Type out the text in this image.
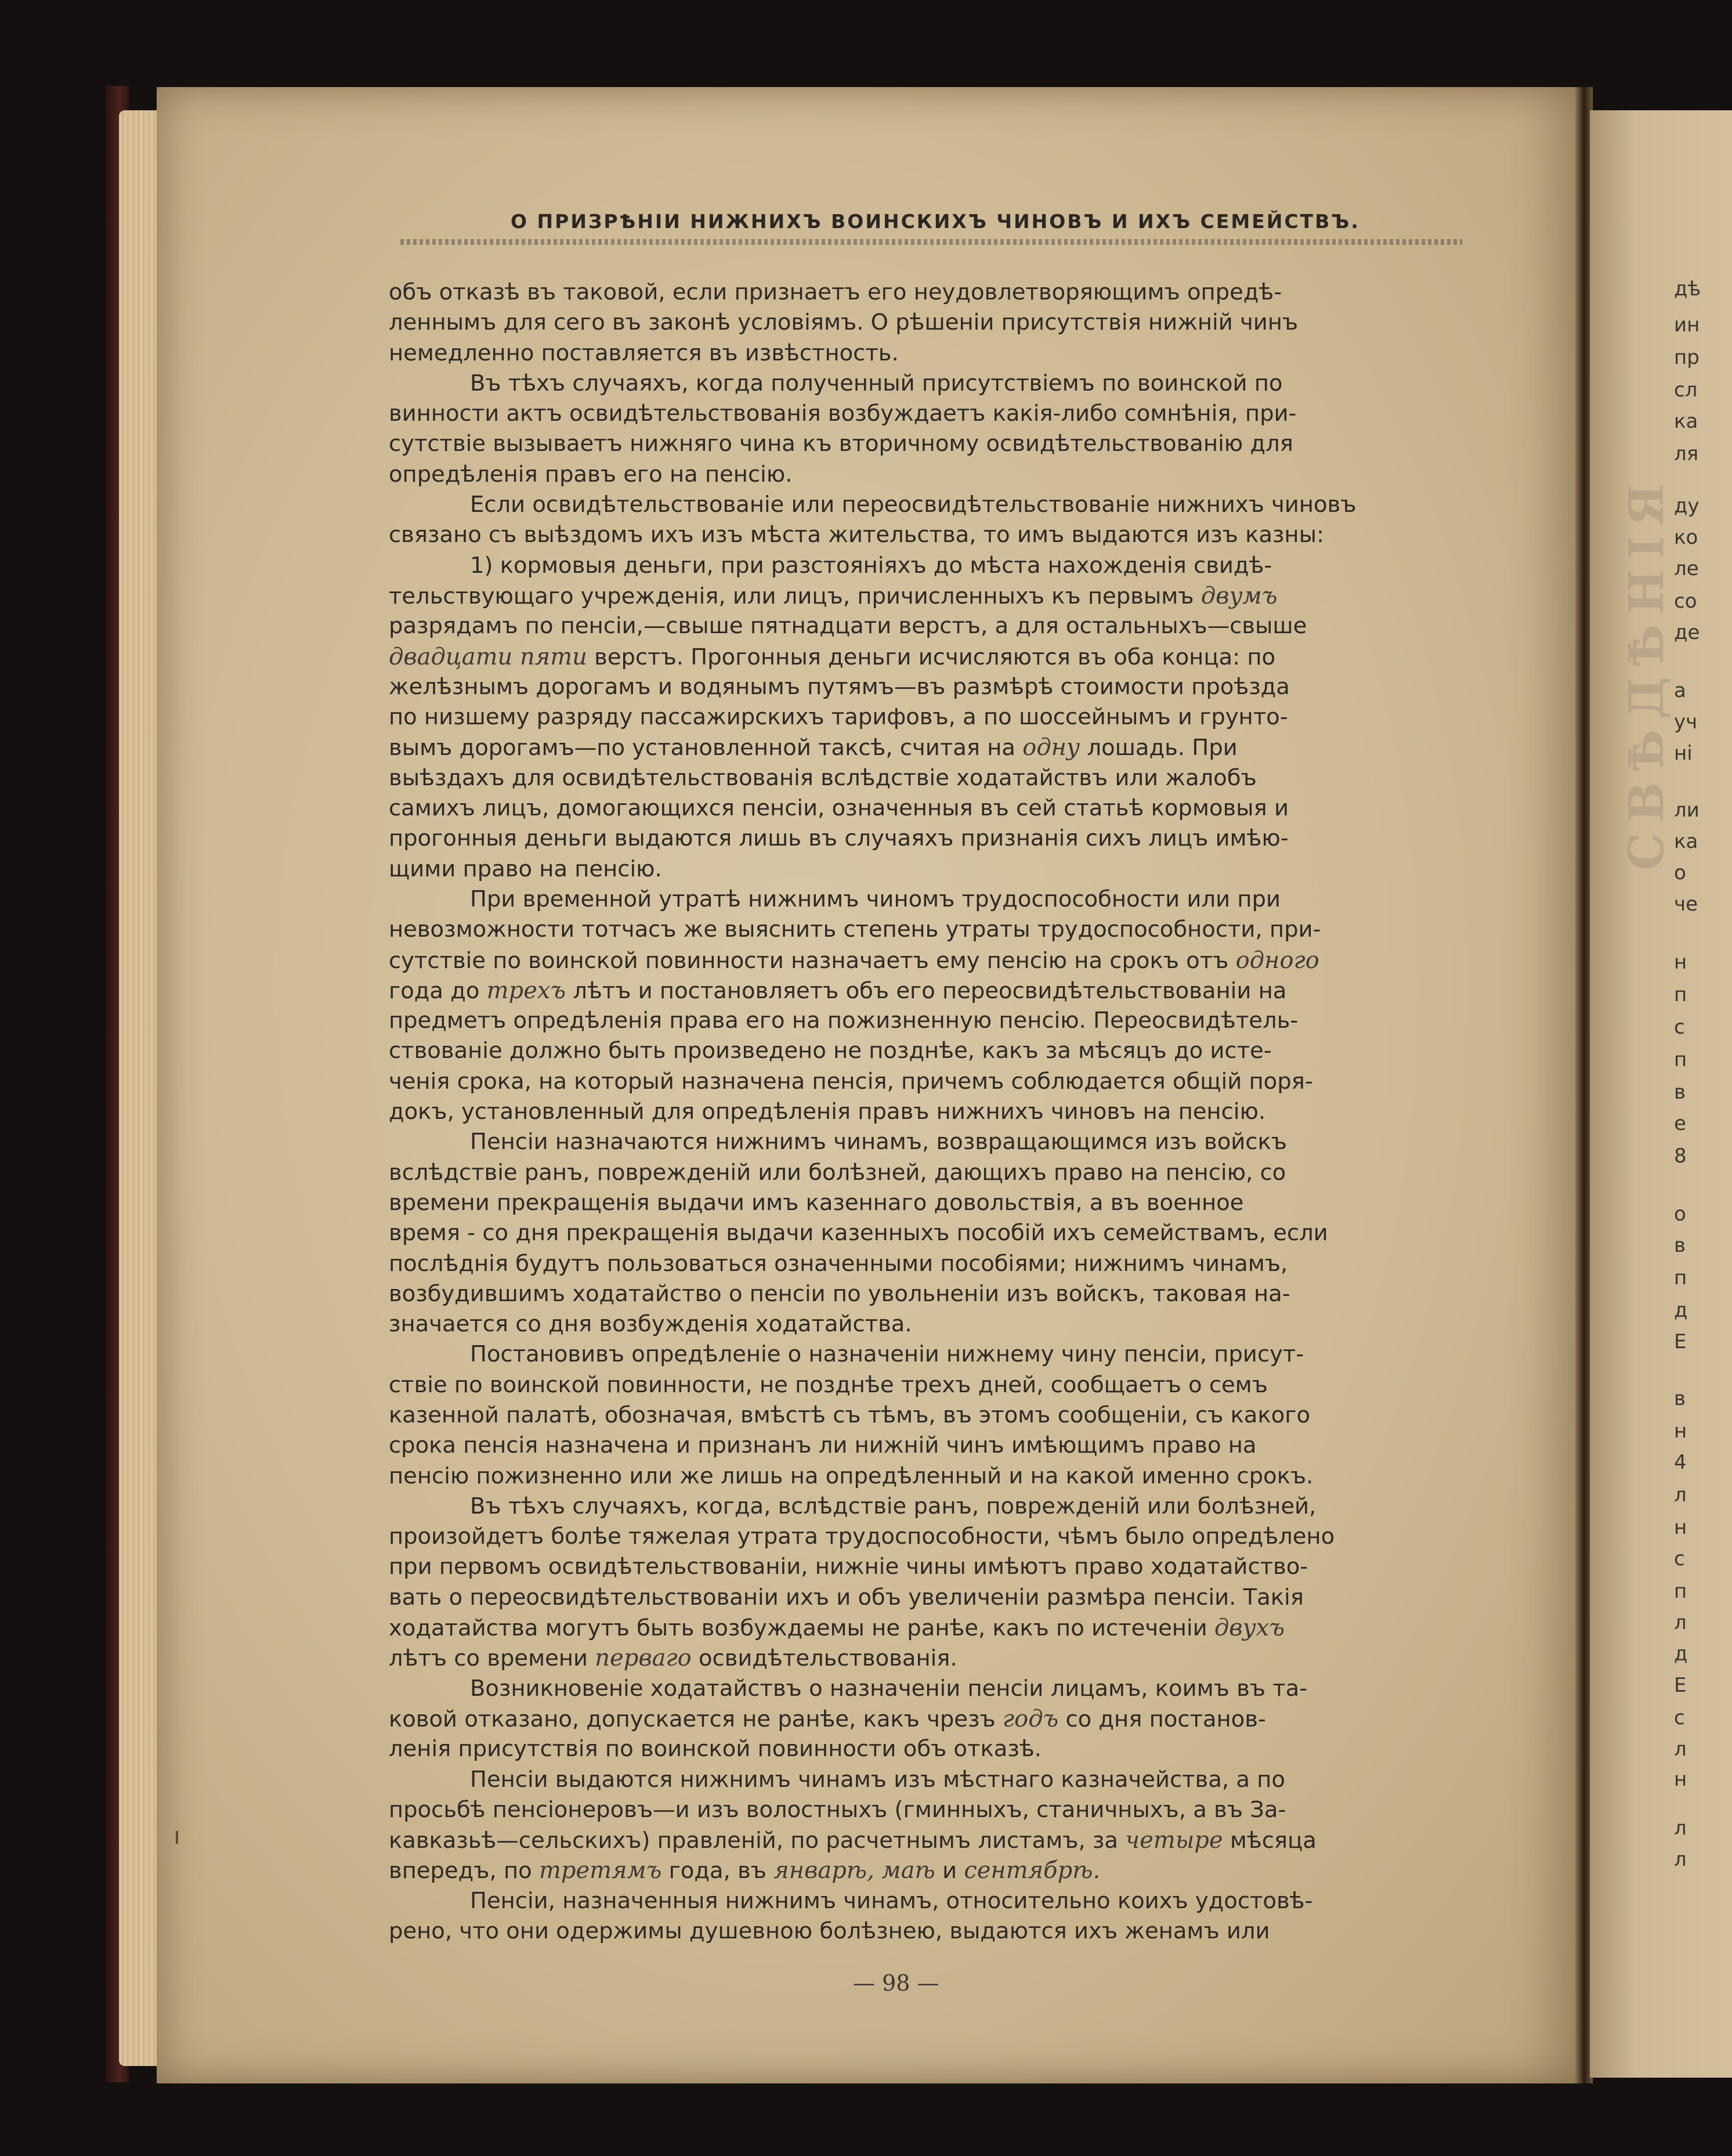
дѣ
ин
пр
сл
ка
ля
ду
ко
ле
со
де
а
уч
нi
ли
ка
о
че
н
п
с
п
в
е
8
о
в
п
д
Е
в
н
4
л
н
с
п
л
д
Е
с
л
н
л
л
СВѢДѢНIЯ
О ПРИЗРѢНIИ НИЖНИХЪ ВОИНСКИХЪ ЧИНОВЪ И ИХЪ СЕМЕЙСТВЪ.
объ отказѣ въ таковой, если признаетъ его неудовлетворяющимъ опредѣ-
леннымъ для сего въ законѣ условiямъ. О рѣшенiи присутствiя нижнiй чинъ
немедленно поставляется въ извѣстность.
Въ тѣхъ случаяхъ, когда полученный присутствiемъ по воинской по
винности актъ освидѣтельствованiя возбуждаетъ какiя-либо сомнѣнiя, при-
сутствiе вызываетъ нижняго чина къ вторичному освидѣтельствованiю для
опредѣленiя правъ его на пенсiю.
Если освидѣтельствованiе или переосвидѣтельствованiе нижнихъ чиновъ
связано съ выѣздомъ ихъ изъ мѣста жительства, то имъ выдаются изъ казны:
1) кормовыя деньги, при разстоянiяхъ до мѣста нахожденiя свидѣ-
тельствующаго учрежденiя, или лицъ, причисленныхъ къ первымъ двумъ
разрядамъ по пенсiи,—свыше пятнадцати верстъ, а для остальныхъ—свыше
двадцати пяти верстъ. Прогонныя деньги исчисляются въ оба конца: по
желѣзнымъ дорогамъ и водянымъ путямъ—въ размѣрѣ стоимости проѣзда
по низшему разряду пассажирскихъ тарифовъ, а по шоссейнымъ и грунто-
вымъ дорогамъ—по установленной таксѣ, считая на одну лошадь. При
выѣздахъ для освидѣтельствованiя вслѣдствiе ходатайствъ или жалобъ
самихъ лицъ, домогающихся пенсiи, означенныя въ сей статьѣ кормовыя и
прогонныя деньги выдаются лишь въ случаяхъ признанiя сихъ лицъ имѣю-
щими право на пенсiю.
При временной утратѣ нижнимъ чиномъ трудоспособности или при
невозможности тотчасъ же выяснить степень утраты трудоспособности, при-
сутствiе по воинской повинности назначаетъ ему пенсiю на срокъ отъ одного
года до трехъ лѣтъ и постановляетъ объ его переосвидѣтельствованiи на
предметъ опредѣленiя права его на пожизненную пенсiю. Переосвидѣтель-
ствованiе должно быть произведено не позднѣе, какъ за мѣсяцъ до исте-
ченiя срока, на который назначена пенсiя, причемъ соблюдается общiй поря-
докъ, установленный для опредѣленiя правъ нижнихъ чиновъ на пенсiю.
Пенсiи назначаются нижнимъ чинамъ, возвращающимся изъ войскъ
вслѣдствiе ранъ, поврежденiй или болѣзней, дающихъ право на пенсiю, со
времени прекращенiя выдачи имъ казеннаго довольствiя, а въ военное
время - со дня прекращенiя выдачи казенныхъ пособiй ихъ семействамъ, если
послѣднiя будутъ пользоваться означенными пособiями; нижнимъ чинамъ,
возбудившимъ ходатайство о пенсiи по увольненiи изъ войскъ, таковая на-
значается со дня возбужденiя ходатайства.
Постановивъ опредѣленiе о назначенiи нижнему чину пенсiи, присут-
ствiе по воинской повинности, не позднѣе трехъ дней, сообщаетъ о семъ
казенной палатѣ, обозначая, вмѣстѣ съ тѣмъ, въ этомъ сообщенiи, съ какого
срока пенсiя назначена и признанъ ли нижнiй чинъ имѣющимъ право на
пенсiю пожизненно или же лишь на опредѣленный и на какой именно срокъ.
Въ тѣхъ случаяхъ, когда, вслѣдствiе ранъ, поврежденiй или болѣзней,
произойдетъ болѣе тяжелая утрата трудоспособности, чѣмъ было опредѣлено
при первомъ освидѣтельствованiи, нижнiе чины имѣютъ право ходатайство-
вать о переосвидѣтельствованiи ихъ и объ увеличенiи размѣра пенсiи. Такiя
ходатайства могутъ быть возбуждаемы не ранѣе, какъ по истеченiи двухъ
лѣтъ со времени перваго освидѣтельствованiя.
Возникновенiе ходатайствъ о назначенiи пенсiи лицамъ, коимъ въ та-
ковой отказано, допускается не ранѣе, какъ чрезъ годъ со дня постанов-
ленiя присутствiя по воинской повинности объ отказѣ.
Пенсiи выдаются нижнимъ чинамъ изъ мѣстнаго казначейства, а по
просьбѣ пенсiонеровъ—и изъ волостныхъ (гминныхъ, станичныхъ, а въ За-
кавказьѣ—сельскихъ) правленiй, по расчетнымъ листамъ, за четыре мѣсяца
впередъ, по третямъ года, въ январѣ, маѣ и сентябрѣ.
Пенсiи, назначенныя нижнимъ чинамъ, относительно коихъ удостовѣ-
рено, что они одержимы душевною болѣзнею, выдаются ихъ женамъ или
— 98 —
